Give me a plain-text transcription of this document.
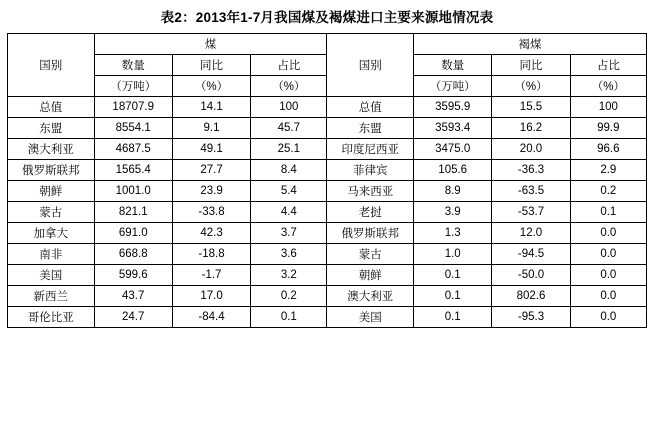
表2：2013年1-7月我国煤及褐煤进口主要来源地情况表
国别	煤			国别	褐煤		
	数量	同比	占比		数量	同比	占比
	（万吨）	（%）	（%）		（万吨）	（%）	（%）
总值	18707.9	14.1	100	总值	3595.9	15.5	100
东盟	8554.1	9.1	45.7	东盟	3593.4	16.2	99.9
澳大利亚	4687.5	49.1	25.1	印度尼西亚	3475.0	20.0	96.6
俄罗斯联邦	1565.4	27.7	8.4	菲律宾	105.6	-36.3	2.9
朝鲜	1001.0	23.9	5.4	马来西亚	8.9	-63.5	0.2
蒙古	821.1	-33.8	4.4	老挝	3.9	-53.7	0.1
加拿大	691.0	42.3	3.7	俄罗斯联邦	1.3	12.0	0.0
南非	668.8	-18.8	3.6	蒙古	1.0	-94.5	0.0
美国	599.6	-1.7	3.2	朝鲜	0.1	-50.0	0.0
新西兰	43.7	17.0	0.2	澳大利亚	0.1	802.6	0.0
哥伦比亚	24.7	-84.4	0.1	美国	0.1	-95.3	0.0
